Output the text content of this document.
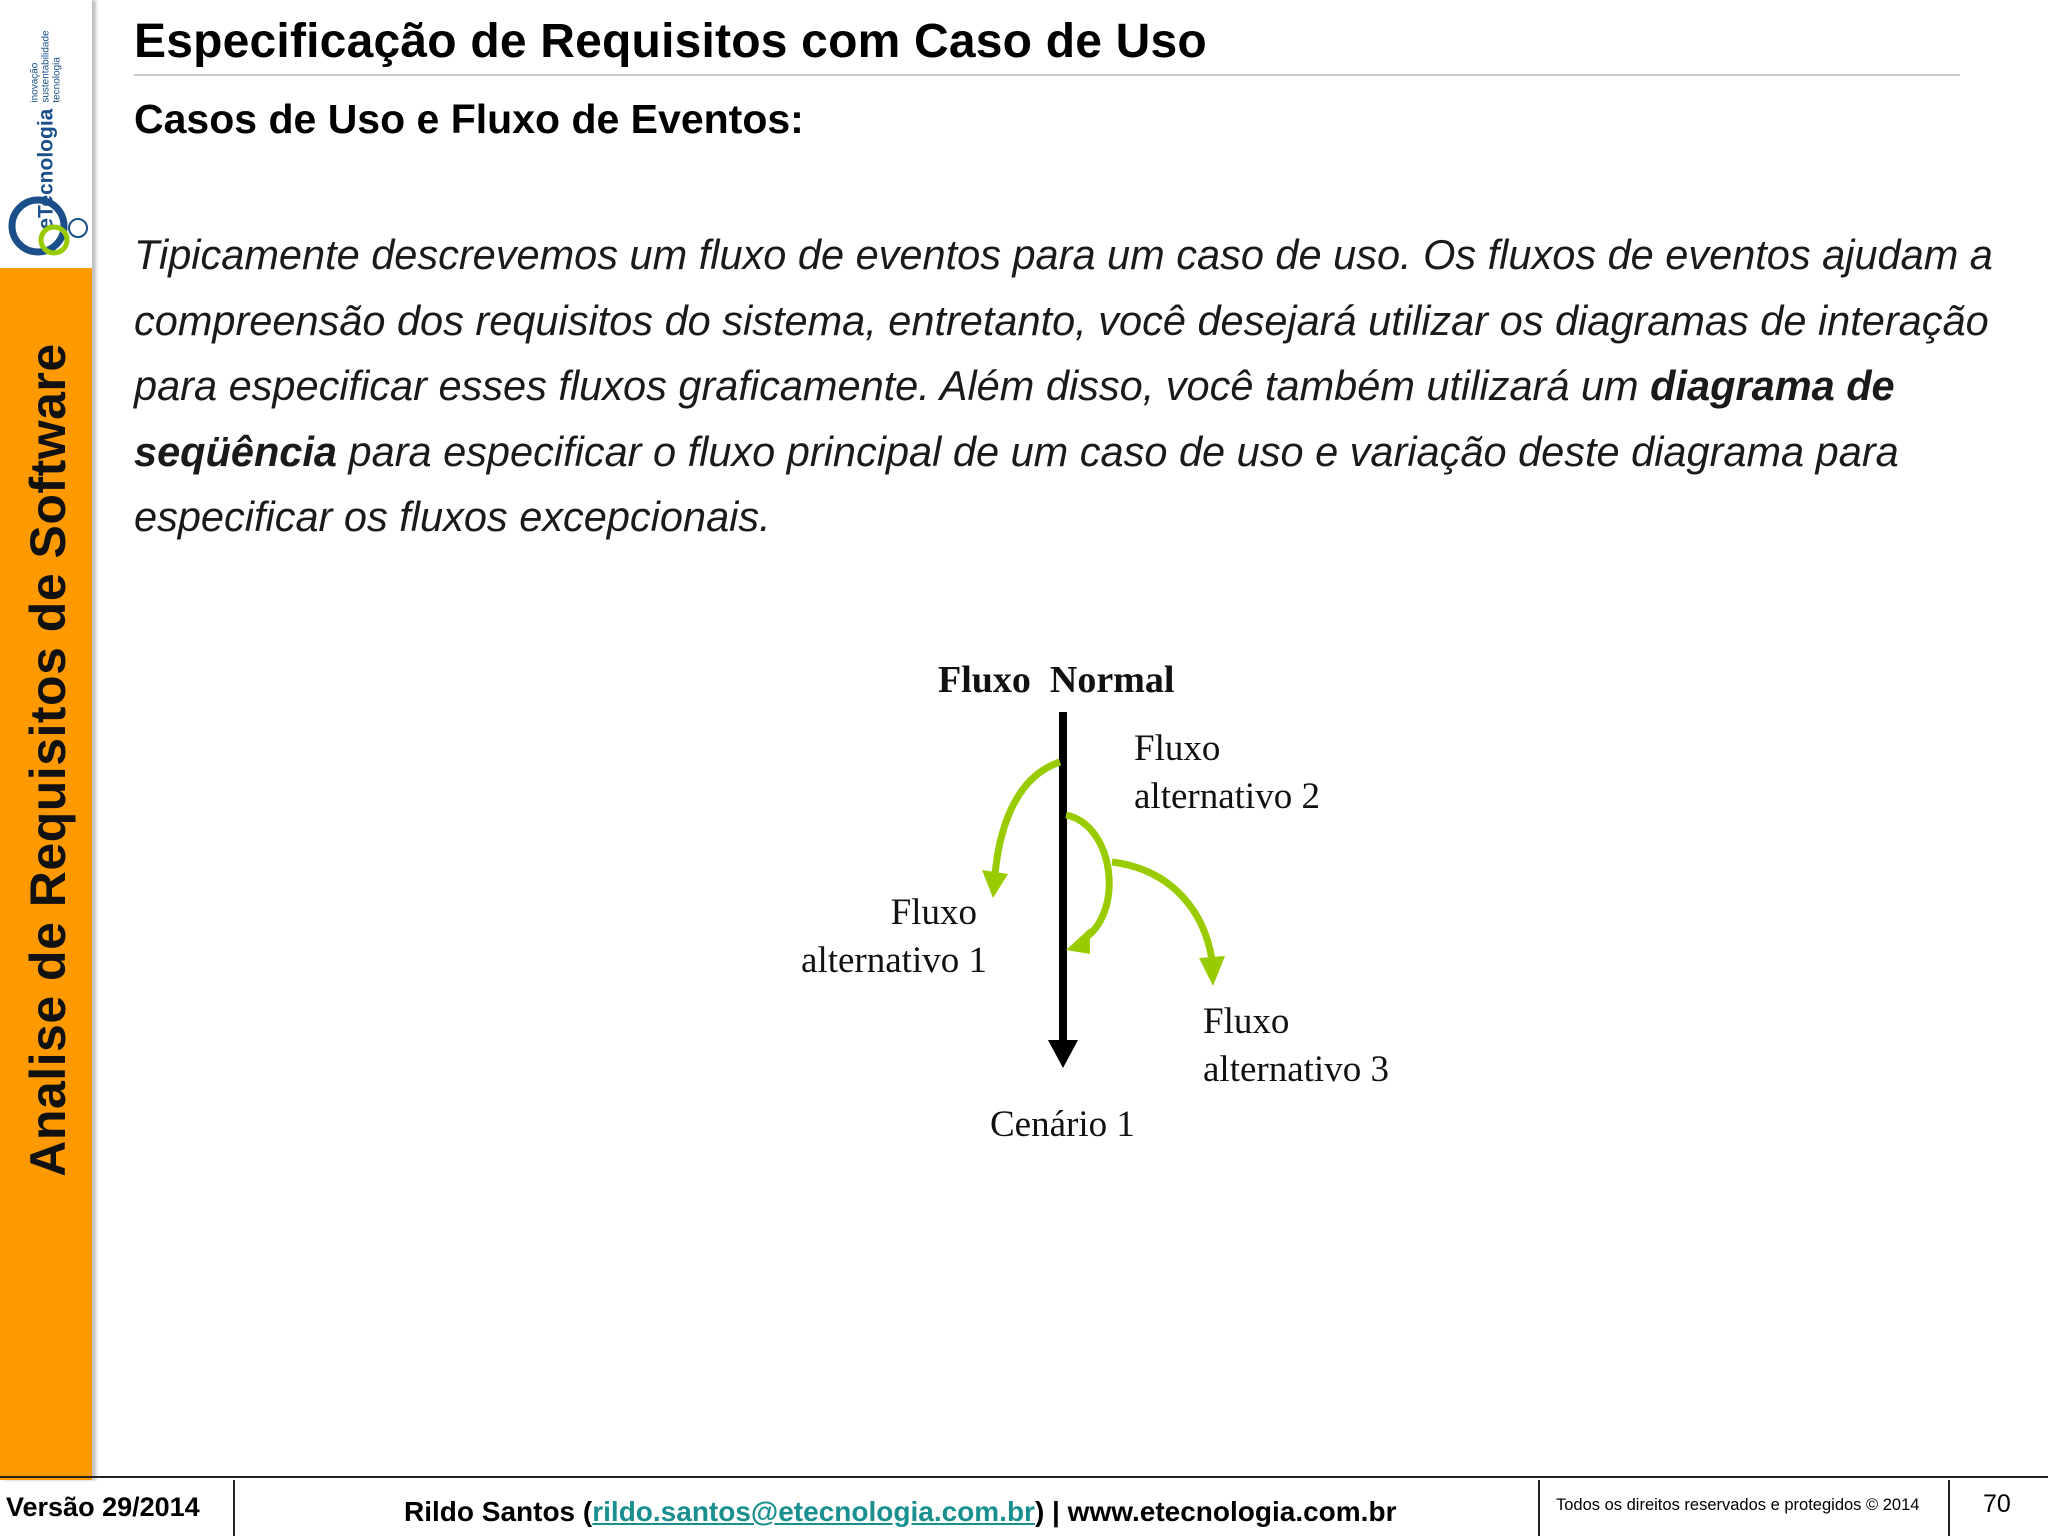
eTecnologia
inovação sustentabilidade tecnologia
Analise de Requisitos de Software
Especificação de Requisitos com Caso de Uso
Casos de Uso e Fluxo de Eventos:

Tipicamente descrevemos um fluxo de eventos para um caso de uso. Os fluxos de eventos ajudam a compreensão dos requisitos do sistema, entretanto, você desejará utilizar os diagramas de interação para especificar esses fluxos graficamente. Além disso, você também utilizará um diagrama de seqüência para especificar o fluxo principal de um caso de uso e variação deste diagrama para especificar os fluxos excepcionais.

Fluxo  Normal
Fluxo
alternativo 2
Fluxo
alternativo 1
Fluxo
alternativo 3
Cenário 1
Versão 29/2014	Rildo Santos (rildo.santos@etecnologia.com.br) | www.etecnologia.com.br	Todos os direitos reservados e protegidos © 2014	70
